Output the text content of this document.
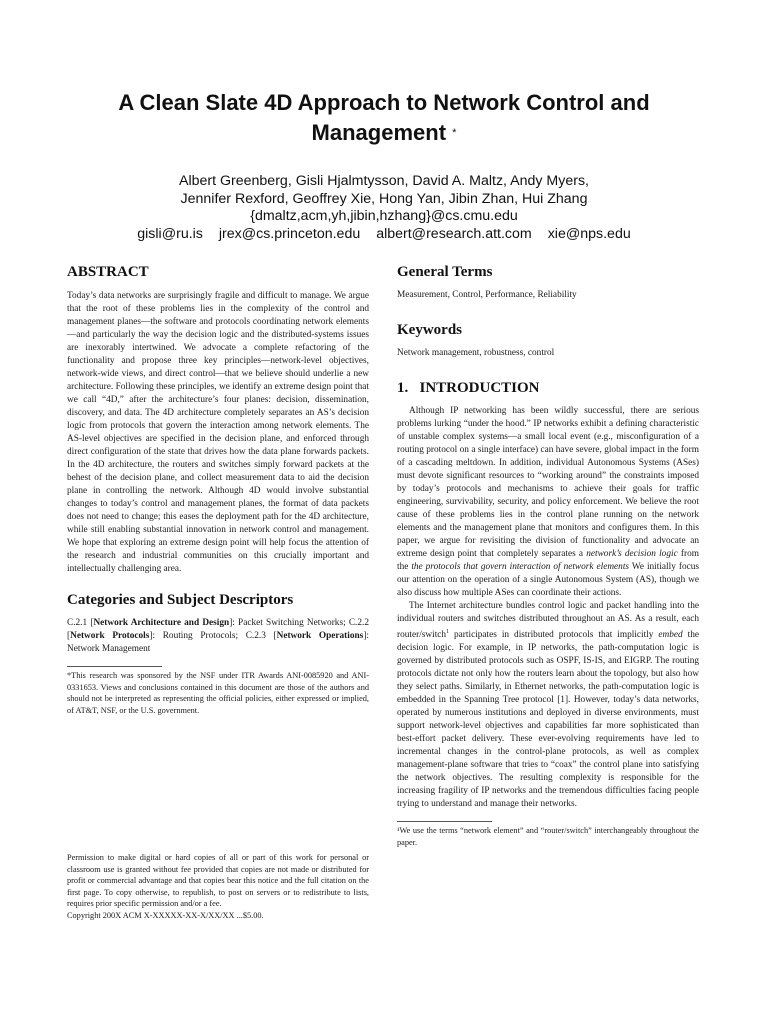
A Clean Slate 4D Approach to Network Control and
Management *
Albert Greenberg, Gisli Hjalmtysson, David A. Maltz, Andy Myers,
Jennifer Rexford, Geoffrey Xie, Hong Yan, Jibin Zhan, Hui Zhang
{dmaltz,acm,yh,jibin,hzhang}@cs.cmu.edu
gisli@ru.is jrex@cs.princeton.edu albert@research.att.com xie@nps.edu
ABSTRACT

Today’s data networks are surprisingly fragile and difficult to manage. We argue that the root of these problems lies in the complexity of the control and management planes—the software and protocols coordinating network elements—and particularly the way the decision logic and the distributed-systems issues are inexorably intertwined. We advocate a complete refactoring of the functionality and propose three key principles—network-level objectives, network-wide views, and direct control—that we believe should underlie a new architecture. Following these principles, we identify an extreme design point that we call “4D,” after the architecture’s four planes: decision, dissemination, discovery, and data. The 4D architecture completely separates an AS’s decision logic from protocols that govern the interaction among network elements. The AS-level objectives are specified in the decision plane, and enforced through direct configuration of the state that drives how the data plane forwards packets. In the 4D architecture, the routers and switches simply forward packets at the behest of the decision plane, and collect measurement data to aid the decision plane in controlling the network. Although 4D would involve substantial changes to today’s control and management planes, the format of data packets does not need to change; this eases the deployment path for the 4D architecture, while still enabling substantial innovation in network control and management. We hope that exploring an extreme design point will help focus the attention of the research and industrial communities on this crucially important and intellectually challenging area.

Categories and Subject Descriptors

C.2.1 [Network Architecture and Design]: Packet Switching Networks; C.2.2 [Network Protocols]: Routing Protocols; C.2.3 [Network Operations]: Network Management

*This research was sponsored by the NSF under ITR Awards ANI-0085920 and ANI-0331653. Views and conclusions contained in this document are those of the authors and should not be interpreted as representing the official policies, either expressed or implied, of AT&T, NSF, or the U.S. government.

Permission to make digital or hard copies of all or part of this work for personal or classroom use is granted without fee provided that copies are not made or distributed for profit or commercial advantage and that copies bear this notice and the full citation on the first page. To copy otherwise, to republish, to post on servers or to redistribute to lists, requires prior specific permission and/or a fee.

Copyright 200X ACM X-XXXXX-XX-X/XX/XX ...$5.00.

General Terms

Measurement, Control, Performance, Reliability

Keywords

Network management, robustness, control

1.   INTRODUCTION

Although IP networking has been wildly successful, there are serious problems lurking “under the hood.” IP networks exhibit a defining characteristic of unstable complex systems—a small local event (e.g., misconfiguration of a routing protocol on a single interface) can have severe, global impact in the form of a cascading meltdown. In addition, individual Autonomous Systems (ASes) must devote significant resources to “working around” the constraints imposed by today’s protocols and mechanisms to achieve their goals for traffic engineering, survivability, security, and policy enforcement. We believe the root cause of these problems lies in the control plane running on the network elements and the management plane that monitors and configures them. In this paper, we argue for revisiting the division of functionality and advocate an extreme design point that completely separates a network’s decision logic from the the protocols that govern interaction of network elements We initially focus our attention on the operation of a single Autonomous System (AS), though we also discuss how multiple ASes can coordinate their actions.

The Internet architecture bundles control logic and packet handling into the individual routers and switches distributed throughout an AS. As a result, each router/switch$^1$ participates in distributed protocols that implicitly embed the decision logic. For example, in IP networks, the path-computation logic is governed by distributed protocols such as OSPF, IS-IS, and EIGRP. The routing protocols dictate not only how the routers learn about the topology, but also how they select paths. Similarly, in Ethernet networks, the path-computation logic is embedded in the Spanning Tree protocol [1]. However, today’s data networks, operated by numerous institutions and deployed in diverse environments, must support network-level objectives and capabilities far more sophisticated than best-effort packet delivery. These ever-evolving requirements have led to incremental changes in the control-plane protocols, as well as complex management-plane software that tries to “coax” the control plane into satisfying the network objectives. The resulting complexity is responsible for the increasing fragility of IP networks and the tremendous difficulties facing people trying to understand and manage their networks.

¹We use the terms “network element” and “router/switch” interchangeably throughout the paper.
